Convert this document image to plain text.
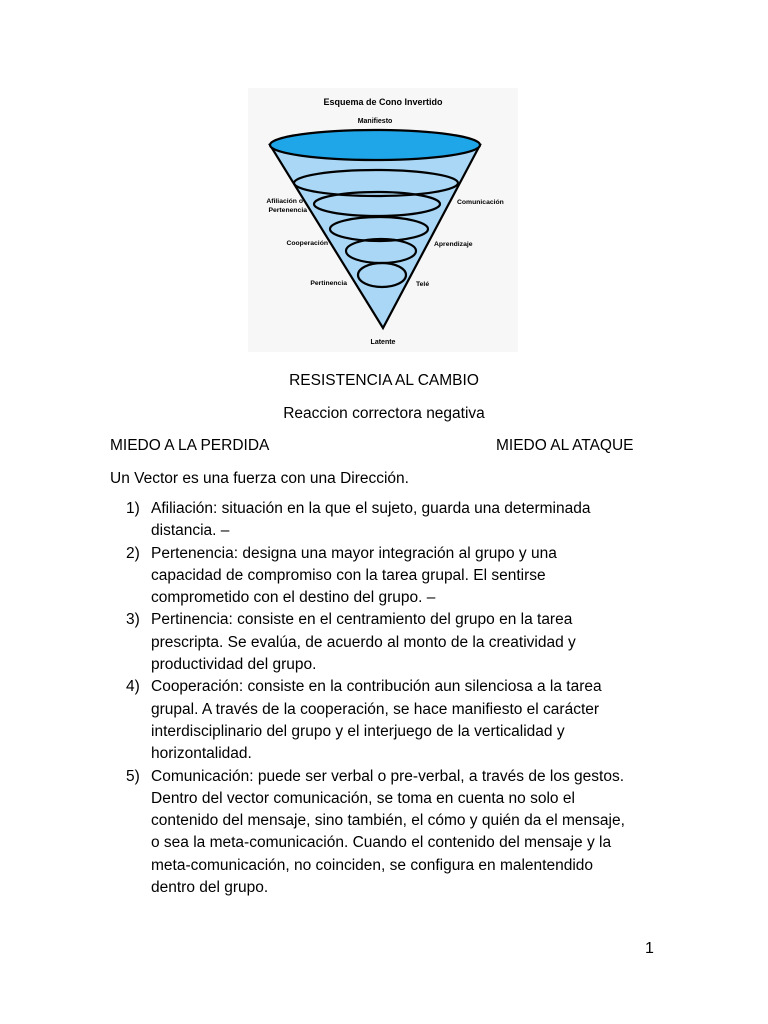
Esquema de Cono Invertido
Manifiesto
Afiliación o
Pertenencia
Cooperación
Pertinencia
Comunicación
Aprendizaje
Telé
Latente
RESISTENCIA AL CAMBIO
Reaccion correctora negativa
MIEDO A LA PERDIDA	MIEDO AL ATAQUE
Un Vector es una fuerza con una Dirección.
1) Afiliación: situación en la que el sujeto, guarda una determinada
distancia. –
2) Pertenencia: designa una mayor integración al grupo y una
capacidad de compromiso con la tarea grupal. El sentirse
comprometido con el destino del grupo. –
3) Pertinencia: consiste en el centramiento del grupo en la tarea
prescripta. Se evalúa, de acuerdo al monto de la creatividad y
productividad del grupo.
4) Cooperación: consiste en la contribución aun silenciosa a la tarea
grupal. A través de la cooperación, se hace manifiesto el carácter
interdisciplinario del grupo y el interjuego de la verticalidad y
horizontalidad.
5) Comunicación: puede ser verbal o pre-verbal, a través de los gestos.
Dentro del vector comunicación, se toma en cuenta no solo el
contenido del mensaje, sino también, el cómo y quién da el mensaje,
o sea la meta-comunicación. Cuando el contenido del mensaje y la
meta-comunicación, no coinciden, se configura en malentendido
dentro del grupo.
1
